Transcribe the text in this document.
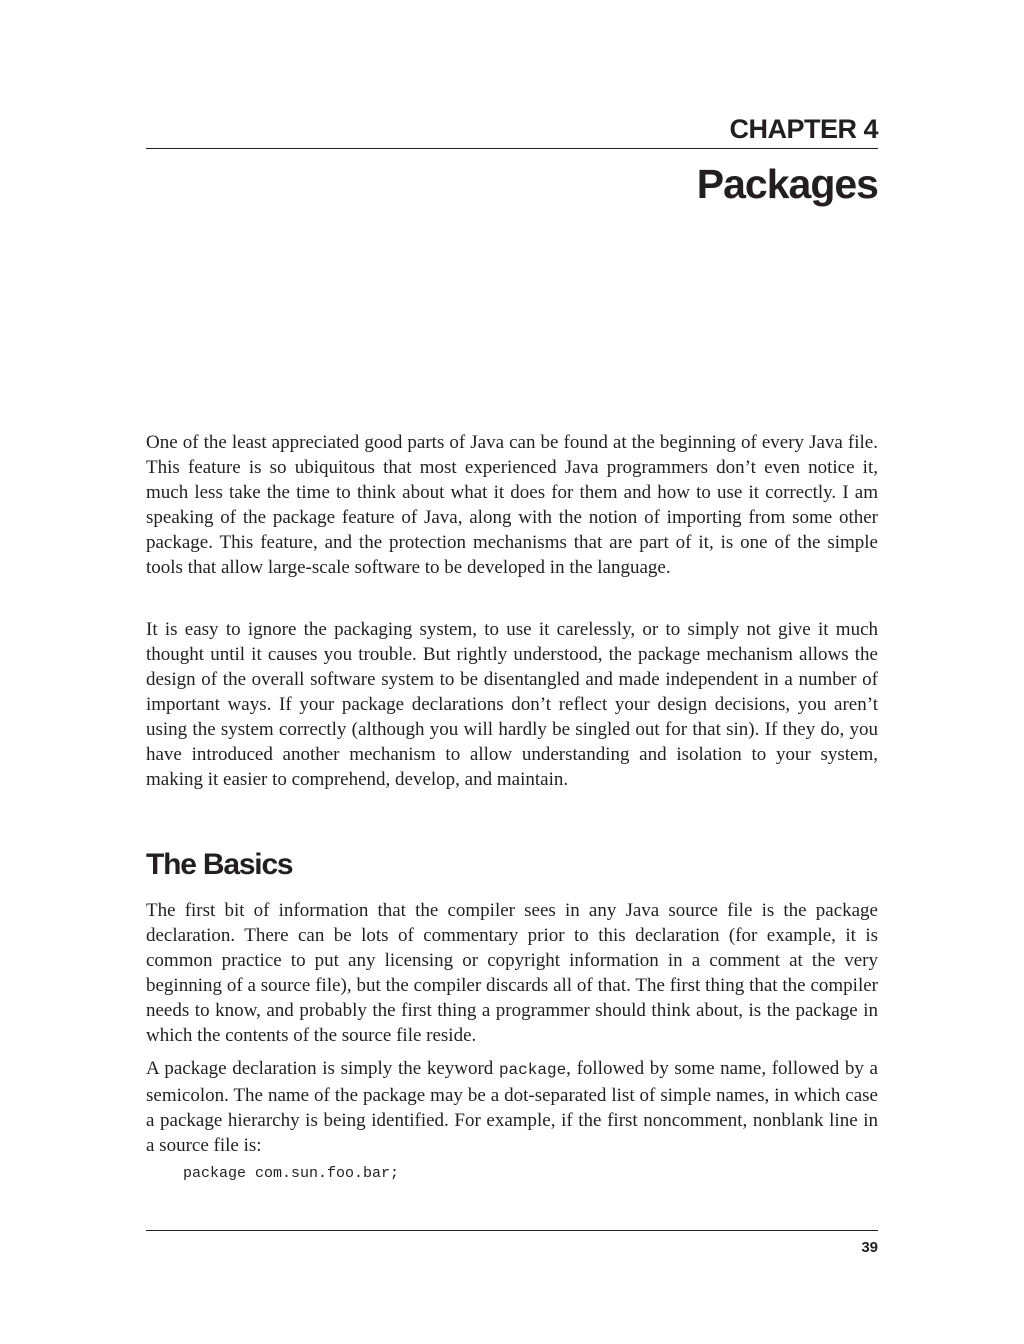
CHAPTER 4
Packages

One of the least appreciated good parts of Java can be found at the beginning of every Java file. This feature is so ubiquitous that most experienced Java programmers don’t even notice it, much less take the time to think about what it does for them and how to use it correctly. I am speaking of the package feature of Java, along with the notion of importing from some other package. This feature, and the protection mechanisms that are part of it, is one of the simple tools that allow large-scale software to be developed in the language.

It is easy to ignore the packaging system, to use it carelessly, or to simply not give it much thought until it causes you trouble. But rightly understood, the package mechanism allows the design of the overall software system to be disentangled and made independent in a number of important ways. If your package declarations don’t reflect your design decisions, you aren’t using the system correctly (although you will hardly be singled out for that sin). If they do, you have introduced another mechanism to allow understanding and isolation to your system, making it easier to comprehend, develop, and maintain.

The Basics

The first bit of information that the compiler sees in any Java source file is the package declaration. There can be lots of commentary prior to this declaration (for example, it is common practice to put any licensing or copyright information in a comment at the very beginning of a source file), but the compiler discards all of that. The first thing that the compiler needs to know, and probably the first thing a programmer should think about, is the package in which the contents of the source file reside.

A package declaration is simply the keyword package, followed by some name, followed by a semicolon. The name of the package may be a dot-separated list of simple names, in which case a package hierarchy is being identified. For example, if the first noncomment, nonblank line in a source file is:

package com.sun.foo.bar;
39
